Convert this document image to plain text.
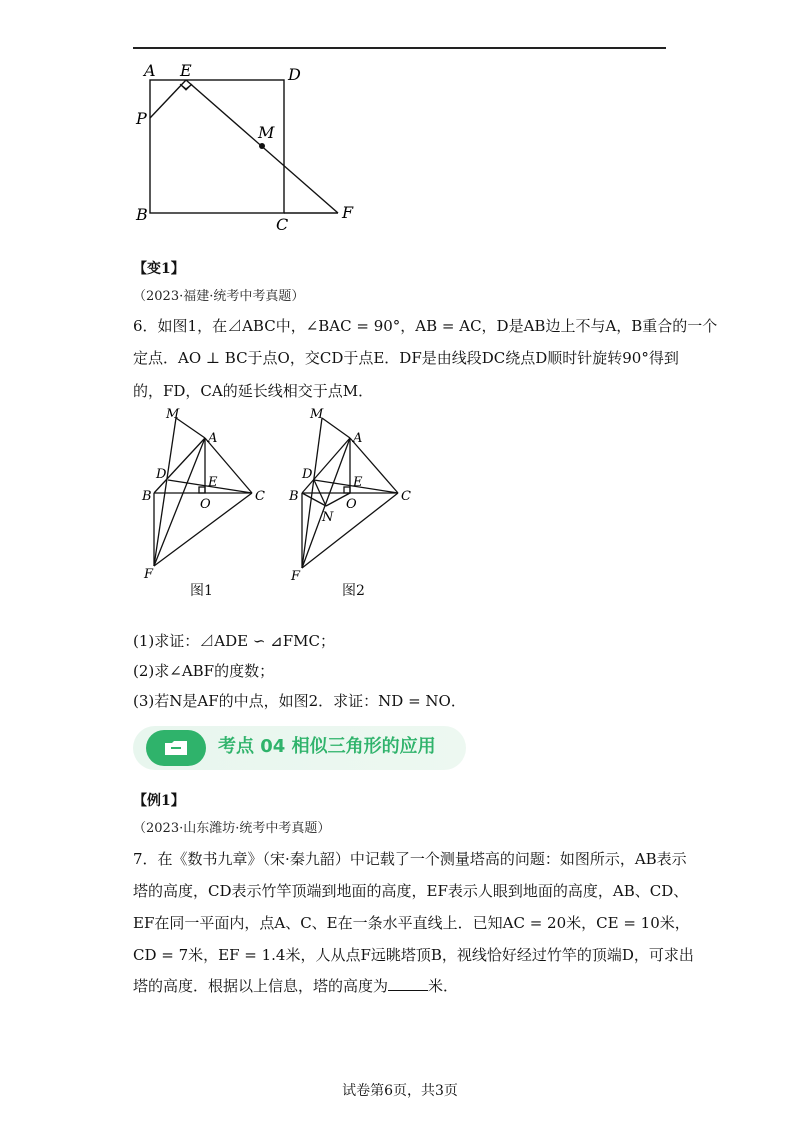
A E	D
P
M
B
C
F
【变1】
（2023·福建·统考中考真题）
6．如图1，在⊿ABC中，∠BAC = 90°，AB = AC，D是AB边上不与A，B重合的一个
定点．AO ⊥ BC于点O，交CD于点E．DF是由线段DC绕点D顺时针旋转90°得到
的，FD，CA的延长线相交于点M．
M
A
D
E
B
O
C
F
图1
M
A
D
E
B
O
N
C
F
图2
(1)求证：⊿ADE ∽ ⊿FMC；
(2)求∠ABF的度数；
(3)若N是AF的中点，如图2．求证：ND = NO．
考点 04 相似三角形的应用
【例1】
（2023·山东潍坊·统考中考真题）
7．在《数书九章》（宋·秦九韶）中记载了一个测量塔高的问题：如图所示，AB表示
塔的高度，CD表示竹竿顶端到地面的高度，EF表示人眼到地面的高度，AB、CD、
EF在同一平面内，点A、C、E在一条水平直线上．已知AC = 20米，CE = 10米，
CD = 7米，EF = 1.4米，人从点F远眺塔顶B，视线恰好经过竹竿的顶端D，可求出
塔的高度．根据以上信息，塔的高度为	米．
试卷第6页，共3页
